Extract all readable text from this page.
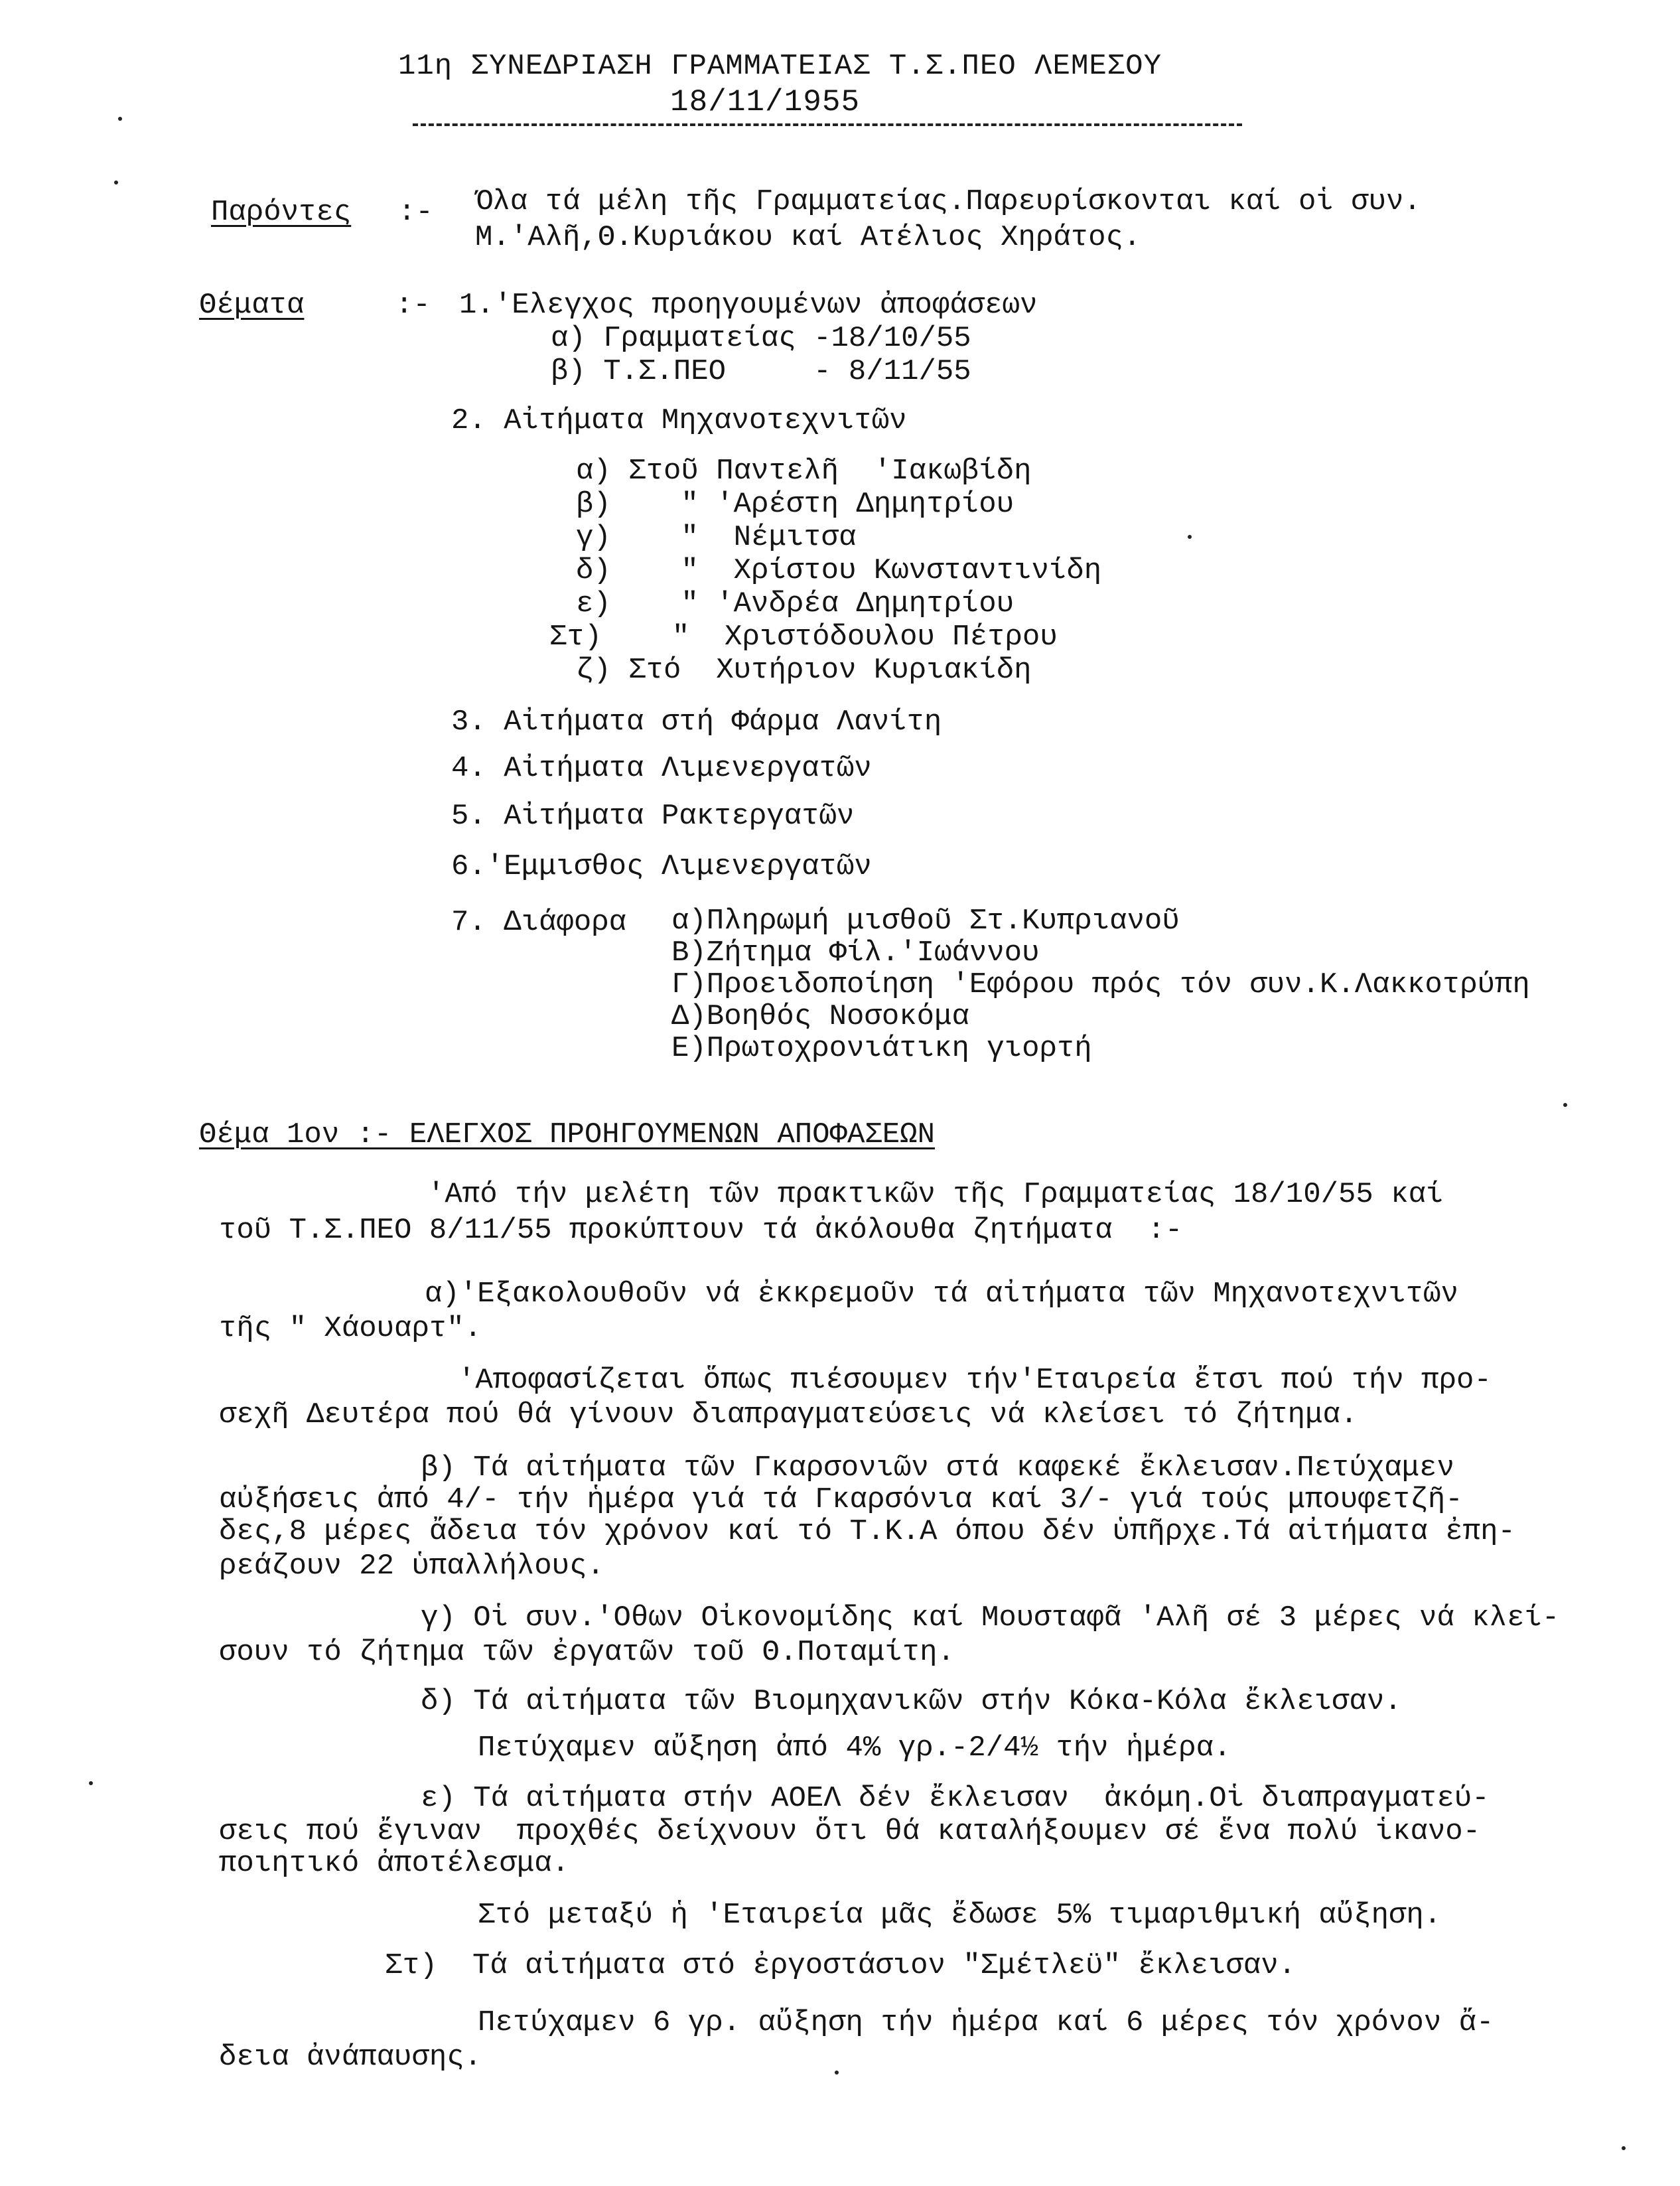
11η ΣΥΝΕΔΡΙΑΣΗ ΓΡΑΜΜΑΤΕΙΑΣ Τ.Σ.ΠΕΟ ΛΕΜΕΣΟΥ
18/11/1955
Παρόντες :- Όλα τά μέλη τῆς Γραμματείας.Παρευρίσκονται καί οἱ συν.
Μ.'Αλῆ,Θ.Κυριάκου καί Ατέλιος Χηράτος.
Θέματα	:- 1.'Ελεγχος προηγουμένων ἀποφάσεων
α) Γραμματείας -18/10/55
β) Τ.Σ.ΠΕΟ     - 8/11/55
2. Αἰτήματα Μηχανοτεχνιτῶν
α) Στοῦ Παντελῆ  'Ιακωβίδη
β)    " 'Αρέστη Δημητρίου
γ)    "  Νέμιτσα
δ)    "  Χρίστου Κωνσταντινίδη
ε)    " 'Ανδρέα Δημητρίου
Στ)    "  Χριστόδουλου Πέτρου
ζ) Στό  Χυτήριον Κυριακίδη
3. Αἰτήματα στή Φάρμα Λανίτη
4. Αἰτήματα Λιμενεργατῶν
5. Αἰτήματα Ρακτεργατῶν
6.'Εμμισθος Λιμενεργατῶν
7. Διάφορα α)Πληρωμή μισθοῦ Στ.Κυπριανοῦ
Β)Ζήτημα Φίλ.'Ιωάννου
Γ)Προειδοποίηση 'Εφόρου πρός τόν συν.Κ.Λακκοτρύπη
Δ)Βοηθός Νοσοκόμα
Ε)Πρωτοχρονιάτικη γιορτή
Θέμα 1ον :- ΕΛΕΓΧΟΣ ΠΡΟΗΓΟΥΜΕΝΩΝ ΑΠΟΦΑΣΕΩΝ
'Από τήν μελέτη τῶν πρακτικῶν τῆς Γραμματείας 18/10/55 καί
τοῦ Τ.Σ.ΠΕΟ 8/11/55 προκύπτουν τά ἀκόλουθα ζητήματα  :-
α)'Εξακολουθοῦν νά ἐκκρεμοῦν τά αἰτήματα τῶν Μηχανοτεχνιτῶν
τῆς " Χάουαρτ".
'Αποφασίζεται ὅπως πιέσουμεν τήν'Εταιρεία ἔτσι πού τήν προ-
σεχῆ Δευτέρα πού θά γίνουν διαπραγματεύσεις νά κλείσει τό ζήτημα.
β) Τά αἰτήματα τῶν Γκαρσονιῶν στά καφεκέ ἔκλεισαν.Πετύχαμεν
αὐξήσεις ἀπό 4/- τήν ἡμέρα γιά τά Γκαρσόνια καί 3/- γιά τούς μπουφετζῆ-
δες,8 μέρες ἄδεια τόν χρόνον καί τό Τ.Κ.Α όπου δέν ὑπῆρχε.Τά αἰτήματα ἐπη-
ρεάζουν 22 ὑπαλλήλους.
γ) Οἱ συν.'Οθων Οἰκονομίδης καί Μουσταφᾶ 'Αλῆ σέ 3 μέρες νά κλεί-
σουν τό ζήτημα τῶν ἐργατῶν τοῦ Θ.Ποταμίτη.
δ) Τά αἰτήματα τῶν Βιομηχανικῶν στήν Κόκα-Κόλα ἔκλεισαν.
Πετύχαμεν αὔξηση ἀπό 4% γρ.-2/4½ τήν ἡμέρα.
ε) Τά αἰτήματα στήν ΑΟΕΛ δέν ἔκλεισαν  ἀκόμη.Οἱ διαπραγματεύ-
σεις πού ἔγιναν  προχθές δείχνουν ὅτι θά καταλήξουμεν σέ ἕνα πολύ ἱκανο-
ποιητικό ἀποτέλεσμα.
Στό μεταξύ ἡ 'Εταιρεία μᾶς ἔδωσε 5% τιμαριθμική αὔξηση.
Στ)  Τά αἰτήματα στό ἐργοστάσιον "Σμέτλεϋ" ἔκλεισαν.
Πετύχαμεν 6 γρ. αὔξηση τήν ἡμέρα καί 6 μέρες τόν χρόνον ἄ-
δεια ἀνάπαυσης.
